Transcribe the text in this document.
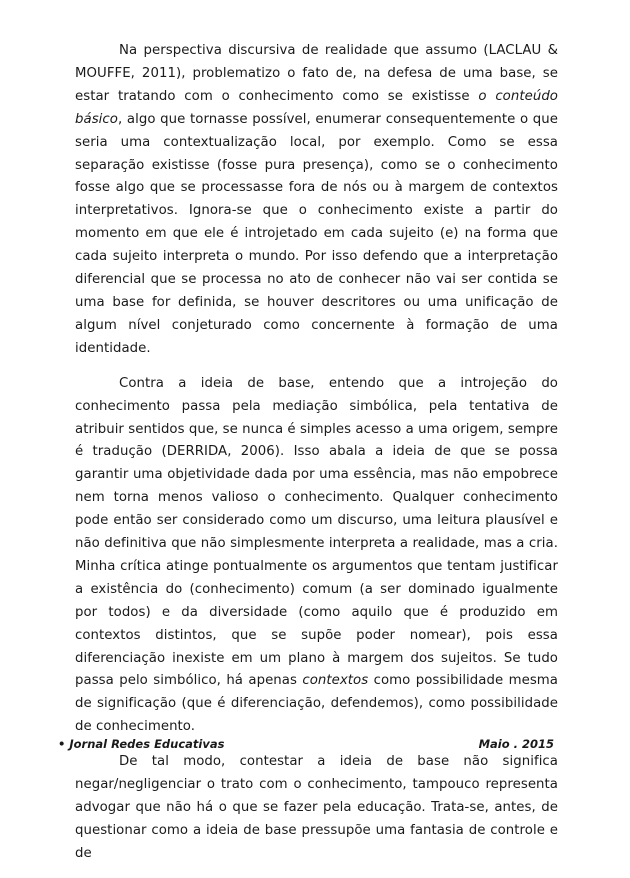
Na perspectiva discursiva de realidade que assumo (LACLAU & MOUFFE, 2011), problematizo o fato de, na defesa de uma base, se estar tratando com o conhecimento como se existisse o conteúdo básico, algo que tornasse possível, enumerar consequentemente o que seria uma contextualização local, por exemplo. Como se essa separação existisse (fosse pura presença), como se o conhecimento fosse algo que se processasse fora de nós ou à margem de contextos interpretativos. Ignora-se que o conhecimento existe a partir do momento em que ele é introjetado em cada sujeito (e) na forma que cada sujeito interpreta o mundo. Por isso defendo que a interpretação diferencial que se processa no ato de conhecer não vai ser contida se uma base for definida, se houver descritores ou uma unificação de algum nível conjeturado como concernente à formação de uma identidade.

Contra a ideia de base, entendo que a introjeção do conhecimento passa pela mediação simbólica, pela tentativa de atribuir sentidos que, se nunca é simples acesso a uma origem, sempre é tradução (DERRIDA, 2006). Isso abala a ideia de que se possa garantir uma objetividade dada por uma essência, mas não empobrece nem torna menos valioso o conhecimento. Qualquer conhecimento pode então ser considerado como um discurso, uma leitura plausível e não definitiva que não simplesmente interpreta a realidade, mas a cria. Minha crítica atinge pontualmente os argumentos que tentam justificar a existência do (conhecimento) comum (a ser dominado igualmente por todos) e da diversidade (como aquilo que é produzido em contextos distintos, que se supõe poder nomear), pois essa diferenciação inexiste em um plano à margem dos sujeitos. Se tudo passa pelo simbólico, há apenas contextos como possibilidade mesma de significação (que é diferenciação, defendemos), como possibilidade de conhecimento.

De tal modo, contestar a ideia de base não significa negar/negligenciar o trato com o conhecimento, tampouco representa advogar que não há o que se fazer pela educação. Trata-se, antes, de questionar como a ideia de base pressupõe uma fantasia de controle e de

• Jornal Redes Educativas	Maio . 2015
